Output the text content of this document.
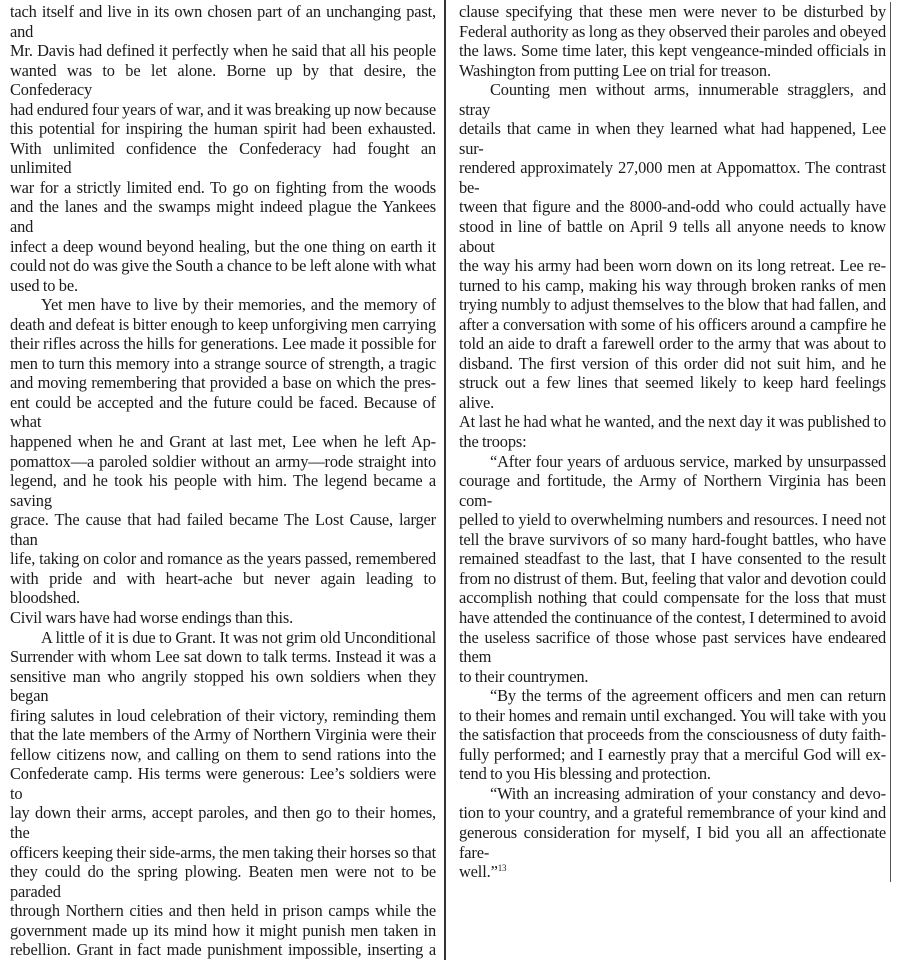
tach itself and live in its own chosen part of an unchanging past, and
Mr. Davis had defined it perfectly when he said that all his people
wanted was to be let alone. Borne up by that desire, the Confederacy
had endured four years of war, and it was breaking up now because
this potential for inspiring the human spirit had been exhausted.
With unlimited confidence the Confederacy had fought an unlimited
war for a strictly limited end. To go on fighting from the woods
and the lanes and the swamps might indeed plague the Yankees and
infect a deep wound beyond healing, but the one thing on earth it
could not do was give the South a chance to be left alone with what
used to be.
Yet men have to live by their memories, and the memory of
death and defeat is bitter enough to keep unforgiving men carrying
their rifles across the hills for generations. Lee made it possible for
men to turn this memory into a strange source of strength, a tragic
and moving remembering that provided a base on which the pres-
ent could be accepted and the future could be faced. Because of what
happened when he and Grant at last met, Lee when he left Ap-
pomattox—a paroled soldier without an army—rode straight into
legend, and he took his people with him. The legend became a saving
grace. The cause that had failed became The Lost Cause, larger than
life, taking on color and romance as the years passed, remembered
with pride and with heart-ache but never again leading to bloodshed.
Civil wars have had worse endings than this.
A little of it is due to Grant. It was not grim old Unconditional
Surrender with whom Lee sat down to talk terms. Instead it was a
sensitive man who angrily stopped his own soldiers when they began
firing salutes in loud celebration of their victory, reminding them
that the late members of the Army of Northern Virginia were their
fellow citizens now, and calling on them to send rations into the
Confederate camp. His terms were generous: Lee’s soldiers were to
lay down their arms, accept paroles, and then go to their homes, the
officers keeping their side-arms, the men taking their horses so that
they could do the spring plowing. Beaten men were not to be paraded
through Northern cities and then held in prison camps while the
government made up its mind how it might punish men taken in
rebellion. Grant in fact made punishment impossible, inserting a
clause specifying that these men were never to be disturbed by
Federal authority as long as they observed their paroles and obeyed
the laws. Some time later, this kept vengeance-minded officials in
Washington from putting Lee on trial for treason.
Counting men without arms, innumerable stragglers, and stray
details that came in when they learned what had happened, Lee sur-
rendered approximately 27,000 men at Appomattox. The contrast be-
tween that figure and the 8000-and-odd who could actually have
stood in line of battle on April 9 tells all anyone needs to know about
the way his army had been worn down on its long retreat. Lee re-
turned to his camp, making his way through broken ranks of men
trying numbly to adjust themselves to the blow that had fallen, and
after a conversation with some of his officers around a campfire he
told an aide to draft a farewell order to the army that was about to
disband. The first version of this order did not suit him, and he
struck out a few lines that seemed likely to keep hard feelings alive.
At last he had what he wanted, and the next day it was published to
the troops:
“After four years of arduous service, marked by unsurpassed
courage and fortitude, the Army of Northern Virginia has been com-
pelled to yield to overwhelming numbers and resources. I need not
tell the brave survivors of so many hard-fought battles, who have
remained steadfast to the last, that I have consented to the result
from no distrust of them. But, feeling that valor and devotion could
accomplish nothing that could compensate for the loss that must
have attended the continuance of the contest, I determined to avoid
the useless sacrifice of those whose past services have endeared them
to their countrymen.
“By the terms of the agreement officers and men can return
to their homes and remain until exchanged. You will take with you
the satisfaction that proceeds from the consciousness of duty faith-
fully performed; and I earnestly pray that a merciful God will ex-
tend to you His blessing and protection.
“With an increasing admiration of your constancy and devo-
tion to your country, and a grateful remembrance of your kind and
generous consideration for myself, I bid you all an affectionate fare-
well.”$^{13}$
